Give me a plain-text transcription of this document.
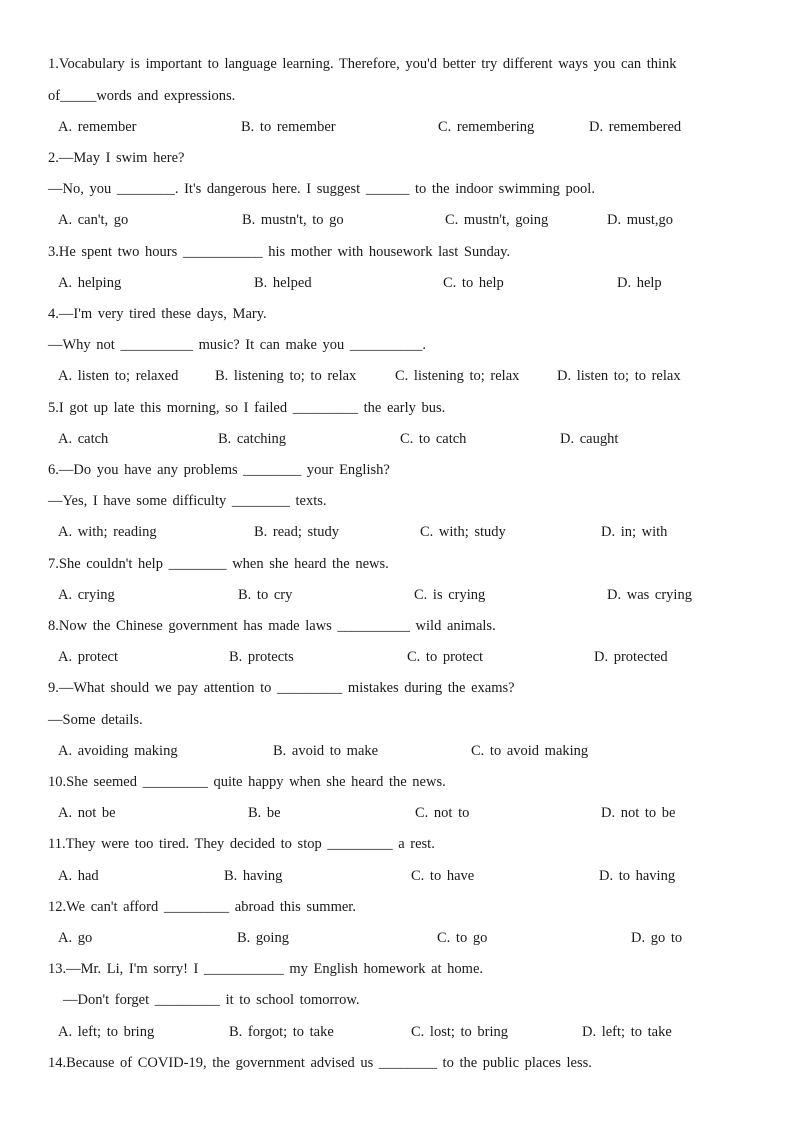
1.Vocabulary is important to language learning. Therefore, you'd better try different ways you can think
of_____words and expressions.
A. remember	B. to remember	C. remembering	D. remembered
2.—May I swim here?
—No, you ________. It's dangerous here. I suggest ______ to the indoor swimming pool.
A. can't, go	B. mustn't, to go	C. mustn't, going	D. must,go
3.He spent two hours ___________ his mother with housework last Sunday.
A. helping	B. helped	C. to help	D. help
4.—I'm very tired these days, Mary.
—Why not __________ music? It can make you __________.
A. listen to; relaxed	B. listening to; to relax	C. listening to; relax	D. listen to; to relax
5.I got up late this morning, so I failed _________ the early bus.
A. catch	B. catching	C. to catch	D. caught
6.—Do you have any problems ________ your English?
—Yes, I have some difficulty ________ texts.
A. with; reading	B. read; study	C. with; study	D. in; with
7.She couldn't help ________ when she heard the news.
A. crying	B. to cry	C. is crying	D. was crying
8.Now the Chinese government has made laws __________ wild animals.
A. protect	B. protects	C. to protect	D. protected
9.—What should we pay attention to _________ mistakes during the exams?
—Some details.
A. avoiding making	B. avoid to make	C. to avoid making
10.She seemed _________ quite happy when she heard the news.
A. not be	B. be	C. not to	D. not to be
11.They were too tired. They decided to stop _________ a rest.
A. had	B. having	C. to have	D. to having
12.We can't afford _________ abroad this summer.
A. go	B. going	C. to go	D. go to
13.—Mr. Li, I'm sorry! I ___________ my English homework at home.
—Don't forget _________ it to school tomorrow.
A. left; to bring	B. forgot; to take	C. lost; to bring	D. left; to take
14.Because of COVID-19, the government advised us ________ to the public places less.
